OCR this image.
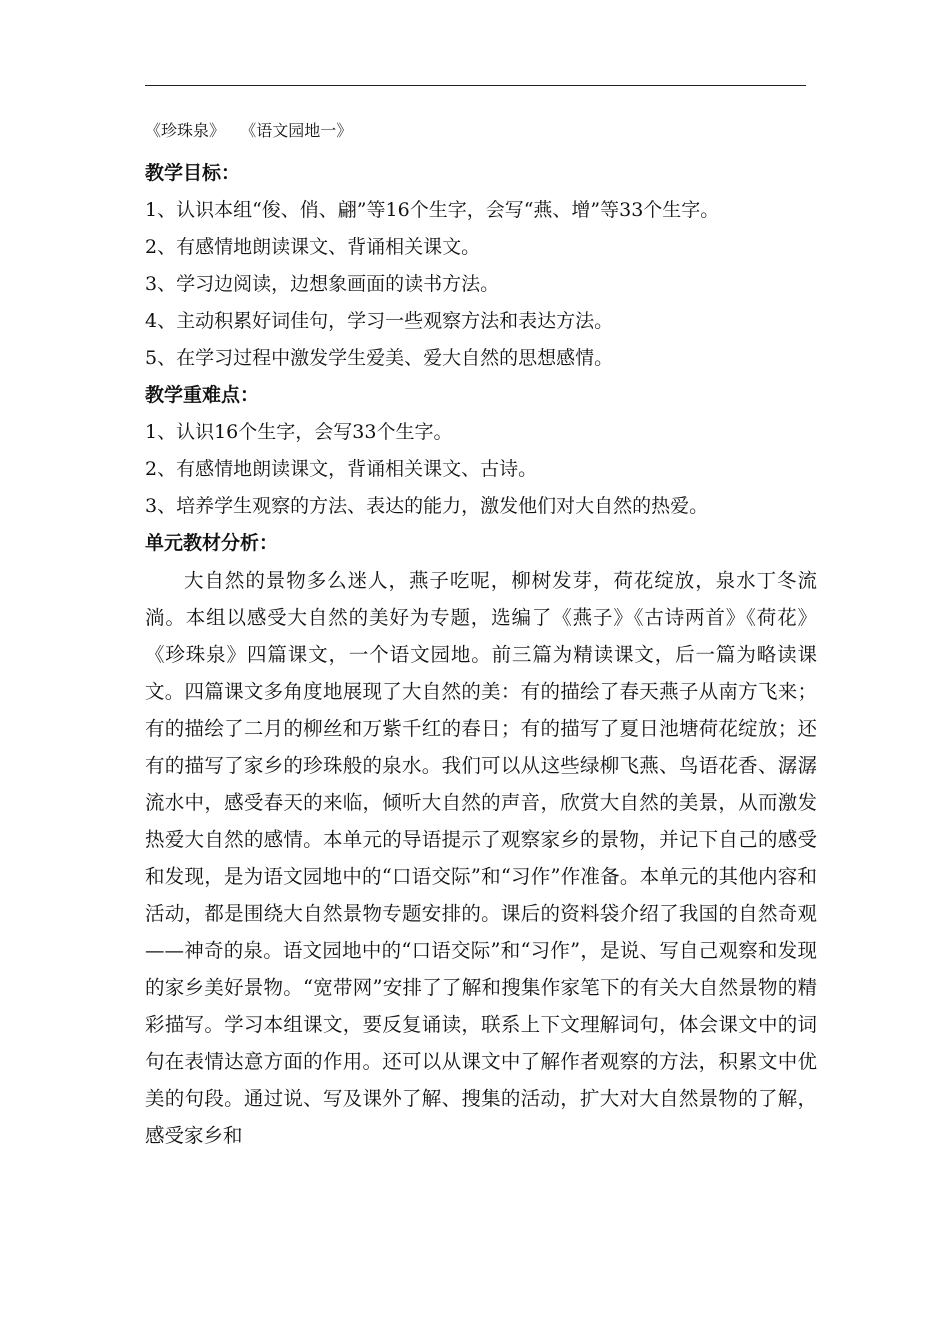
《珍珠泉》   《语文园地一》

教学目标：

1、认识本组“俊、俏、翩”等16个生字，会写“燕、增”等33个生字。

2、有感情地朗读课文、背诵相关课文。

3、学习边阅读，边想象画面的读书方法。

4、主动积累好词佳句，学习一些观察方法和表达方法。

5、在学习过程中激发学生爱美、爱大自然的思想感情。

教学重难点：

1、认识16个生字，会写33个生字。

2、有感情地朗读课文，背诵相关课文、古诗。

3、培养学生观察的方法、表达的能力，激发他们对大自然的热爱。

单元教材分析：

大自然的景物多么迷人，燕子吃呢，柳树发芽，荷花绽放，泉水丁冬流淌。本组以感受大自然的美好为专题，选编了《燕子》《古诗两首》《荷花》《珍珠泉》四篇课文，一个语文园地。前三篇为精读课文，后一篇为略读课文。四篇课文多角度地展现了大自然的美：有的描绘了春天燕子从南方飞来；有的描绘了二月的柳丝和万紫千红的春日；有的描写了夏日池塘荷花绽放；还有的描写了家乡的珍珠般的泉水。我们可以从这些绿柳飞燕、鸟语花香、潺潺流水中，感受春天的来临，倾听大自然的声音，欣赏大自然的美景，从而激发热爱大自然的感情。本单元的导语提示了观察家乡的景物，并记下自己的感受和发现，是为语文园地中的“口语交际”和“习作”作准备。本单元的其他内容和活动，都是围绕大自然景物专题安排的。课后的资料袋介绍了我国的自然奇观——神奇的泉。语文园地中的“口语交际”和“习作”，是说、写自己观察和发现的家乡美好景物。“宽带网”安排了了解和搜集作家笔下的有关大自然景物的精彩描写。学习本组课文，要反复诵读，联系上下文理解词句，体会课文中的词句在表情达意方面的作用。还可以从课文中了解作者观察的方法，积累文中优美的句段。通过说、写及课外了解、搜集的活动，扩大对大自然景物的了解，感受家乡和
